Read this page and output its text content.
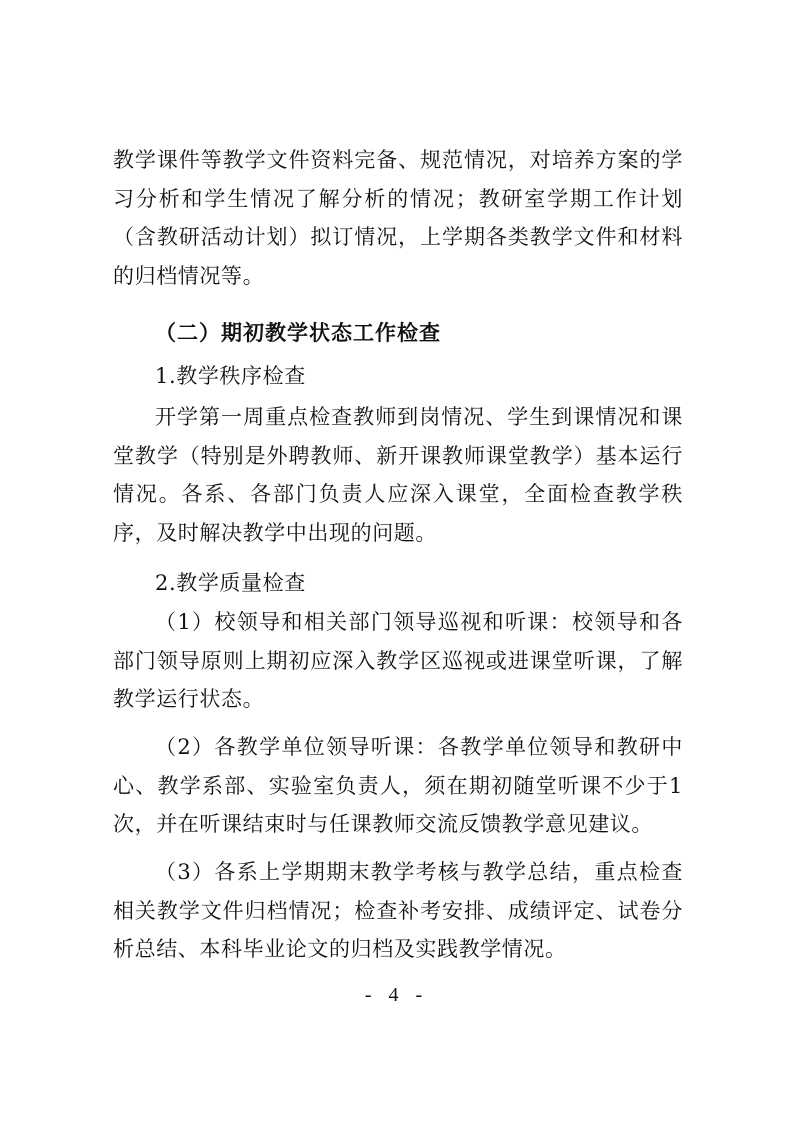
教学课件等教学文件资料完备、规范情况，对培养方案的学习分析和学生情况了解分析的情况；教研室学期工作计划（含教研活动计划）拟订情况，上学期各类教学文件和材料的归档情况等。

（二）期初教学状态工作检查

1.教学秩序检查

开学第一周重点检查教师到岗情况、学生到课情况和课堂教学（特别是外聘教师、新开课教师课堂教学）基本运行情况。各系、各部门负责人应深入课堂，全面检查教学秩序，及时解决教学中出现的问题。

2.教学质量检查

（1）校领导和相关部门领导巡视和听课：校领导和各部门领导原则上期初应深入教学区巡视或进课堂听课，了解教学运行状态。

（2）各教学单位领导听课：各教学单位领导和教研中心、教学系部、实验室负责人，须在期初随堂听课不少于1次，并在听课结束时与任课教师交流反馈教学意见建议。

（3）各系上学期期末教学考核与教学总结，重点检查相关教学文件归档情况；检查补考安排、成绩评定、试卷分析总结、本科毕业论文的归档及实践教学情况。

- 4 -
